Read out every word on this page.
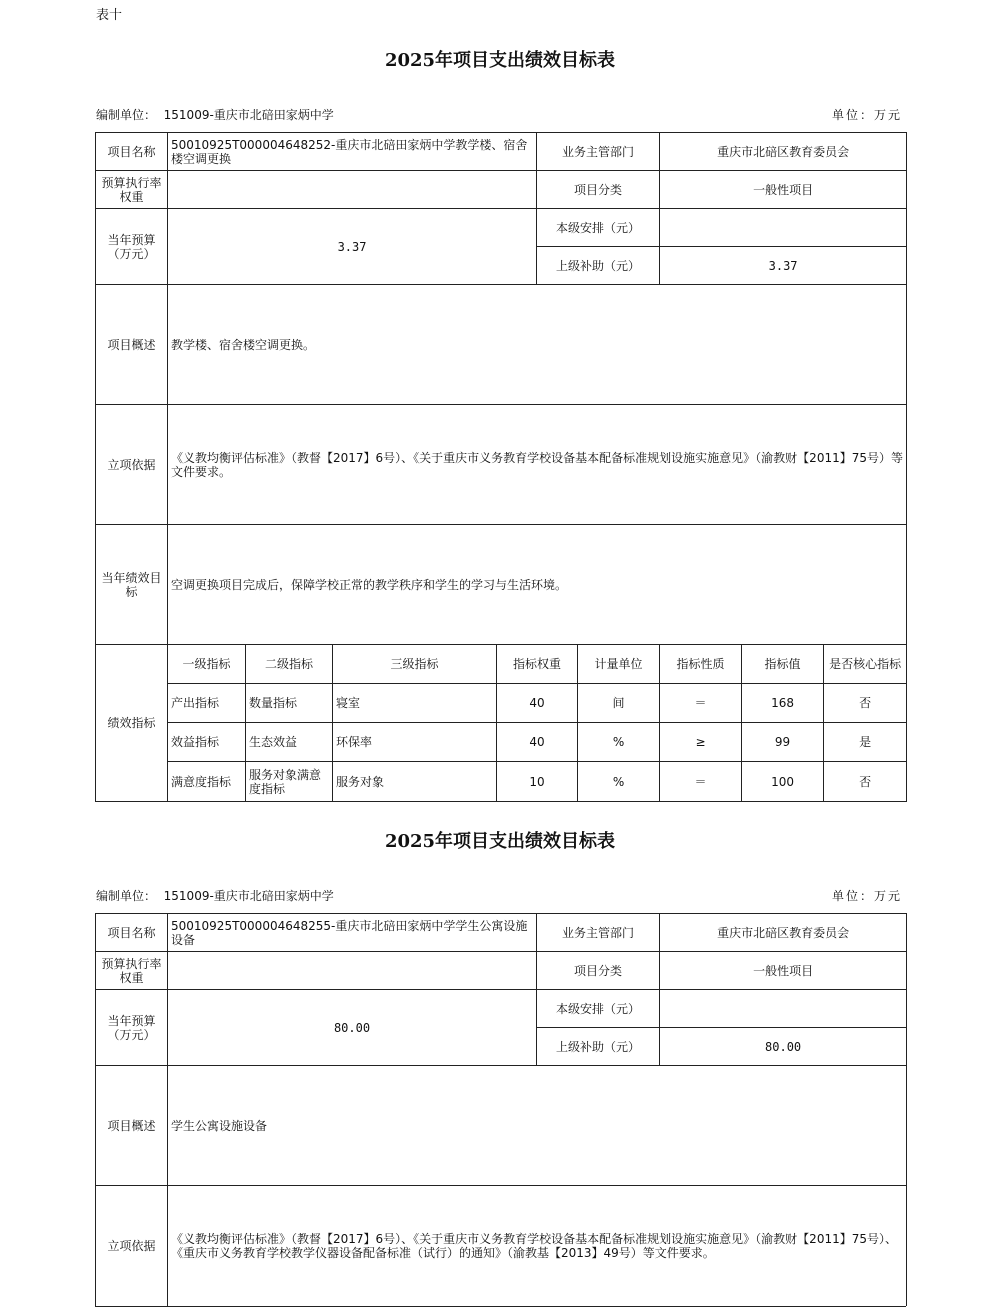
表十
2025年项目支出绩效目标表
编制单位： 151009-重庆市北碚田家炳中学	单位：万元
项目名称	50010925T000004648252-重庆市北碚田家炳中学教学楼、宿舍楼空调更换				业务主管部门		重庆市北碚区教育委员会		
预算执行率权重					项目分类		一般性项目		
当年预算（万元）	3.37				本级安排（元）				
					上级补助（元）		3.37		
项目概述	教学楼、宿舍楼空调更换。								
立项依据	《义教均衡评估标准》（教督【2017】6号）、《关于重庆市义务教育学校设备基本配备标准规划设施实施意见》（渝教财【2011】75号）等文件要求。								
当年绩效目标	空调更换项目完成后，保障学校正常的教学秩序和学生的学习与生活环境。								
绩效指标	一级指标	二级指标	三级指标	指标权重		计量单位	指标性质	指标值	是否核心指标
	产出指标	数量指标	寝室	40		间	＝	168	否
	效益指标	生态效益	环保率	40		%	≥	99	是
	满意度指标	服务对象满意度指标	服务对象	10		%	＝	100	否
2025年项目支出绩效目标表
编制单位： 151009-重庆市北碚田家炳中学	单位：万元
项目名称	50010925T000004648255-重庆市北碚田家炳中学学生公寓设施设备	业务主管部门	重庆市北碚区教育委员会
预算执行率权重		项目分类	一般性项目
当年预算（万元）	80.00	本级安排（元）	
		上级补助（元）	80.00
项目概述	学生公寓设施设备		
立项依据	《义教均衡评估标准》（教督【2017】6号）、《关于重庆市义务教育学校设备基本配备标准规划设施实施意见》（渝教财【2011】75号）、《重庆市义务教育学校教学仪器设备配备标准（试行）的通知》（渝教基【2013】49号）等文件要求。		
